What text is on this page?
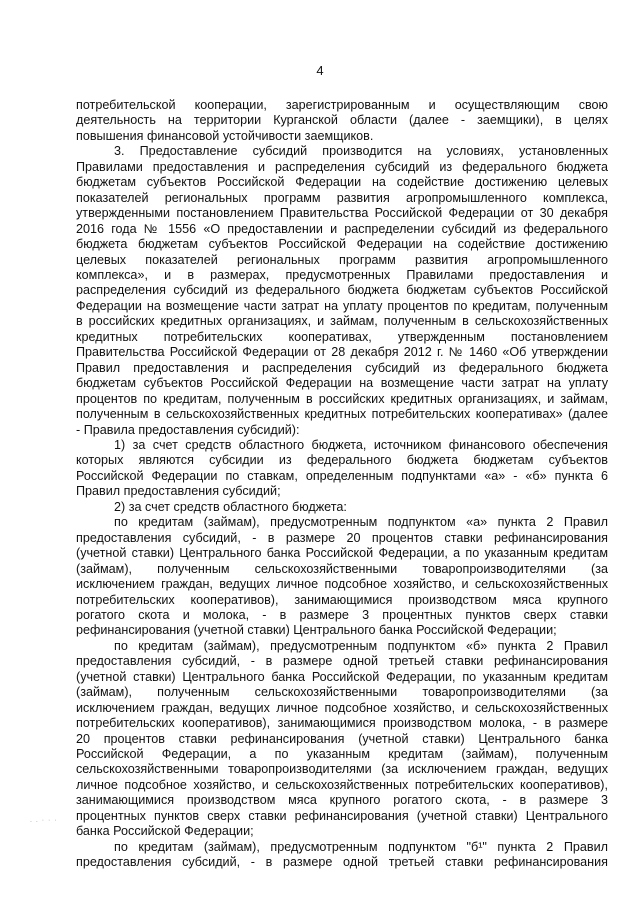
4
потребительской кооперации, зарегистрированным и осуществляющим свою
деятельность на территории Курганской области (далее - заемщики), в целях
повышения финансовой устойчивости заемщиков.
3. Предоставление субсидий производится на условиях, установленных
Правилами предоставления и распределения субсидий из федерального бюджета
бюджетам субъектов Российской Федерации на содействие достижению целевых
показателей региональных программ развития агропромышленного комплекса,
утвержденными постановлением Правительства Российской Федерации от 30 декабря
2016 года № 1556 «О предоставлении и распределении субсидий из федерального
бюджета бюджетам субъектов Российской Федерации на содействие достижению
целевых показателей региональных программ развития агропромышленного
комплекса», и в размерах, предусмотренных Правилами предоставления и
распределения субсидий из федерального бюджета бюджетам субъектов Российской
Федерации на возмещение части затрат на уплату процентов по кредитам, полученным
в российских кредитных организациях, и займам, полученным в сельскохозяйственных
кредитных потребительских кооперативах, утвержденным постановлением
Правительства Российской Федерации от 28 декабря 2012 г. № 1460 «Об утверждении
Правил предоставления и распределения субсидий из федерального бюджета
бюджетам субъектов Российской Федерации на возмещение части затрат на уплату
процентов по кредитам, полученным в российских кредитных организациях, и займам,
полученным в сельскохозяйственных кредитных потребительских кооперативах» (далее
- Правила предоставления субсидий):
1) за счет средств областного бюджета, источником финансового обеспечения
которых являются субсидии из федерального бюджета бюджетам субъектов
Российской Федерации по ставкам, определенным подпунктами «а» - «б» пункта 6
Правил предоставления субсидий;
2) за счет средств областного бюджета:
по кредитам (займам), предусмотренным подпунктом «а» пункта 2 Правил
предоставления субсидий, - в размере 20 процентов ставки рефинансирования
(учетной ставки) Центрального банка Российской Федерации, а по указанным кредитам
(займам), полученным сельскохозяйственными товаропроизводителями (за
исключением граждан, ведущих личное подсобное хозяйство, и сельскохозяйственных
потребительских кооперативов), занимающимися производством мяса крупного
рогатого скота и молока, - в размере 3 процентных пунктов сверх ставки
рефинансирования (учетной ставки) Центрального банка Российской Федерации;
по кредитам (займам), предусмотренным подпунктом «б» пункта 2 Правил
предоставления субсидий, - в размере одной третьей ставки рефинансирования
(учетной ставки) Центрального банка Российской Федерации, по указанным кредитам
(займам), полученным сельскохозяйственными товаропроизводителями (за
исключением граждан, ведущих личное подсобное хозяйство, и сельскохозяйственных
потребительских кооперативов), занимающимися производством молока, - в размере
20 процентов ставки рефинансирования (учетной ставки) Центрального банка
Российской Федерации, а по указанным кредитам (займам), полученным
сельскохозяйственными товаропроизводителями (за исключением граждан, ведущих
личное подсобное хозяйство, и сельскохозяйственных потребительских кооперативов),
занимающимися производством мяса крупного рогатого скота, - в размере 3
процентных пунктов сверх ставки рефинансирования (учетной ставки) Центрального
банка Российской Федерации;
по кредитам (займам), предусмотренным подпунктом "б¹" пункта 2 Правил
предоставления субсидий, - в размере одной третьей ставки рефинансирования
. . · · ·
